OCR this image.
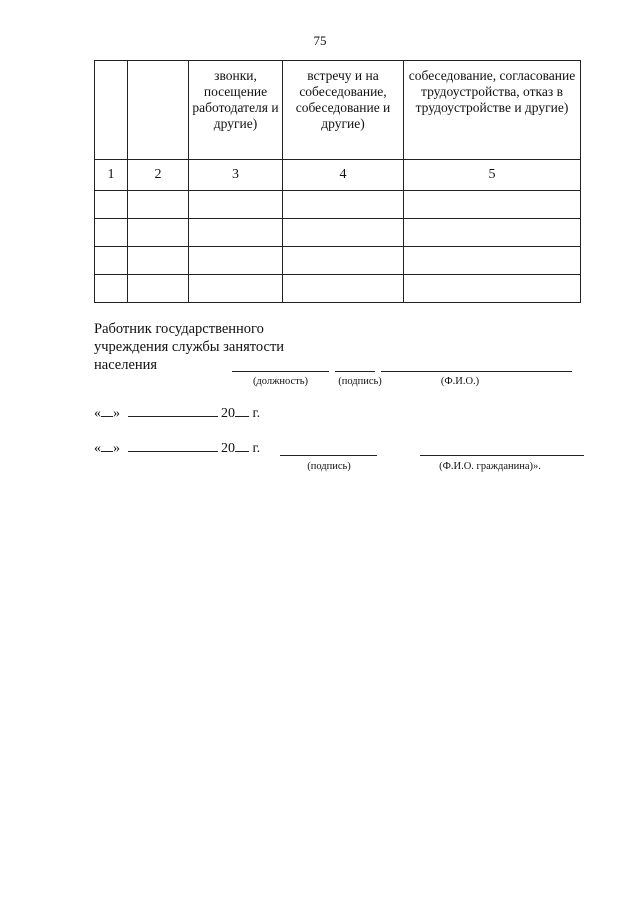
75
		звонки, посещение работодателя и другие)	встречу и на собеседование, собеседование и другие)	собеседование, согласование трудоустройства, отказ в трудоустройстве и другие)
1	2	3	4	5

Работник государственного
учреждения службы занятости
населения
(должность)	(подпись)	(Ф.И.О.)
« »	20 г.
« »	20 г.
(подпись)	(Ф.И.О. гражданина)».
